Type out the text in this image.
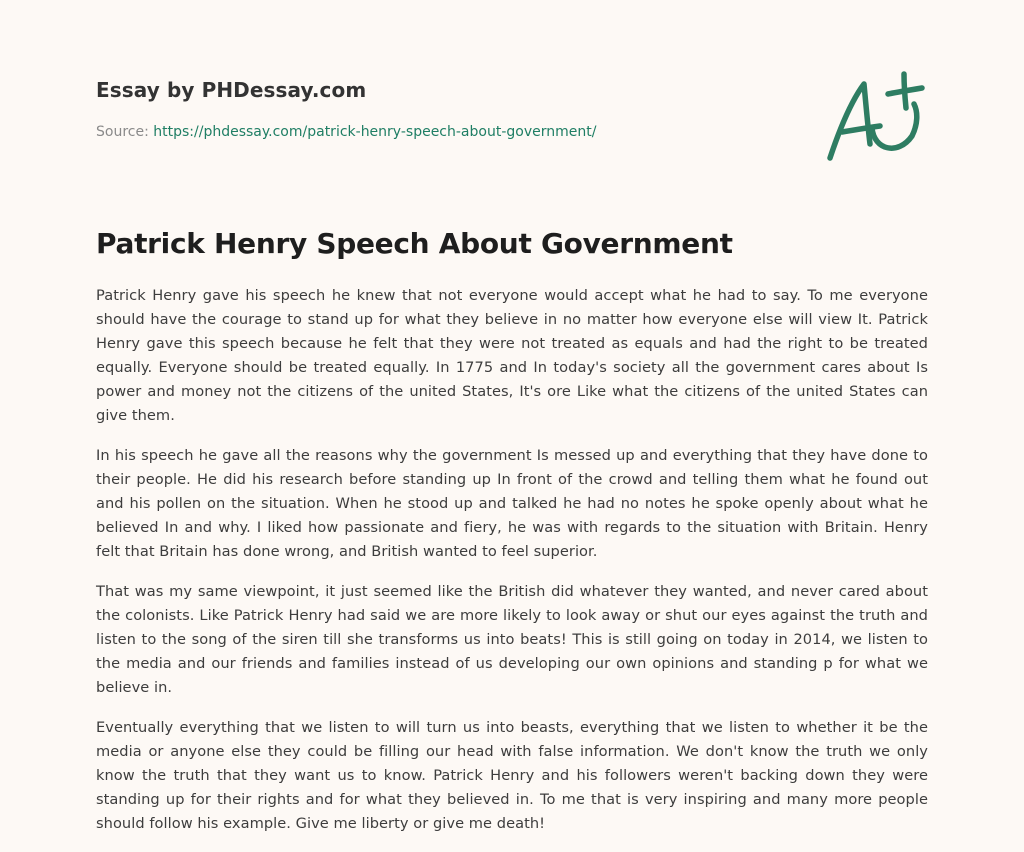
Essay by PHDessay.com
Source: https://phdessay.com/patrick-henry-speech-about-government/
Patrick Henry Speech About Government

Patrick Henry gave his speech he knew that not everyone would accept what he had to say. To me everyone should have the courage to stand up for what they believe in no matter how everyone else will view It. Patrick Henry gave this speech because he felt that they were not treated as equals and had the right to be treated equally. Everyone should be treated equally. In 1775 and In today's society all the government cares about Is power and money not the citizens of the united States, It's ore Like what the citizens of the united States can give them.

In his speech he gave all the reasons why the government Is messed up and everything that they have done to their people. He did his research before standing up In front of the crowd and telling them what he found out and his pollen on the situation. When he stood up and talked he had no notes he spoke openly about what he believed In and why. I liked how passionate and fiery, he was with regards to the situation with Britain. Henry felt that Britain has done wrong, and British wanted to feel superior.

That was my same viewpoint, it just seemed like the British did whatever they wanted, and never cared about the colonists. Like Patrick Henry had said we are more likely to look away or shut our eyes against the truth and listen to the song of the siren till she transforms us into beats! This is still going on today in 2014, we listen to the media and our friends and families instead of us developing our own opinions and standing p for what we believe in.

Eventually everything that we listen to will turn us into beasts, everything that we listen to whether it be the media or anyone else they could be filling our head with false information. We don't know the truth we only know the truth that they want us to know. Patrick Henry and his followers weren't backing down they were standing up for their rights and for what they believed in. To me that is very inspiring and many more people should follow his example. Give me liberty or give me death!
